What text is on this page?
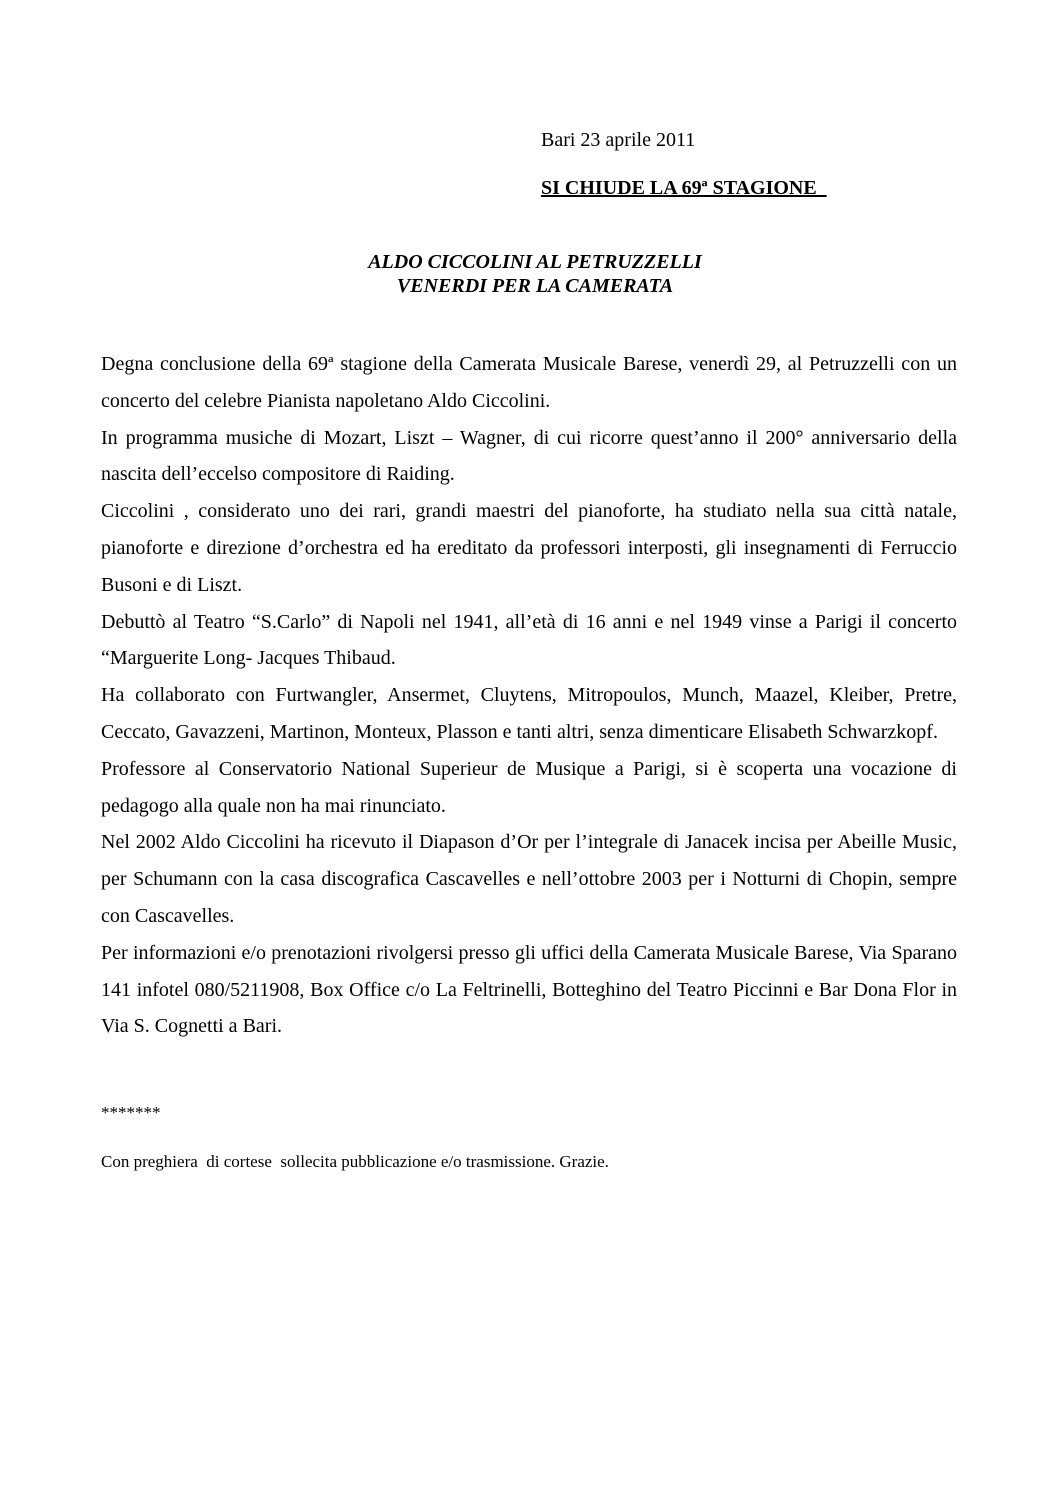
Bari 23 aprile 2011
SI CHIUDE LA 69ª STAGIONE
ALDO CICCOLINI AL PETRUZZELLI
VENERDI PER LA CAMERATA

Degna conclusione della 69ª stagione della Camerata Musicale Barese, venerdì 29, al Petruzzelli con un concerto del celebre Pianista napoletano Aldo Ciccolini.

In programma musiche di Mozart, Liszt – Wagner, di cui ricorre quest’anno il 200° anniversario della nascita dell’eccelso compositore di Raiding.

Ciccolini , considerato uno dei rari, grandi maestri del pianoforte, ha studiato nella sua città natale, pianoforte e direzione d’orchestra ed ha ereditato da professori interposti, gli insegnamenti di Ferruccio Busoni e di Liszt.

Debuttò al Teatro “S.Carlo” di Napoli nel 1941, all’età di 16 anni e nel 1949 vinse a Parigi il concerto “Marguerite Long- Jacques Thibaud.

Ha collaborato con Furtwangler, Ansermet, Cluytens, Mitropoulos, Munch, Maazel, Kleiber, Pretre, Ceccato, Gavazzeni, Martinon, Monteux, Plasson e tanti altri, senza dimenticare Elisabeth Schwarzkopf.

Professore al Conservatorio National Superieur de Musique a Parigi, si è scoperta una vocazione di pedagogo alla quale non ha mai rinunciato.

Nel 2002 Aldo Ciccolini ha ricevuto il Diapason d’Or per l’integrale di Janacek incisa per Abeille Music, per Schumann con la casa discografica Cascavelles e nell’ottobre 2003 per i Notturni di Chopin, sempre con Cascavelles.

Per informazioni e/o prenotazioni rivolgersi presso gli uffici della Camerata Musicale Barese, Via Sparano 141 infotel 080/5211908, Box Office c/o La Feltrinelli, Botteghino del Teatro Piccinni e Bar Dona Flor in Via S. Cognetti a Bari.

*******
Con preghiera  di cortese  sollecita pubblicazione e/o trasmissione. Grazie.
